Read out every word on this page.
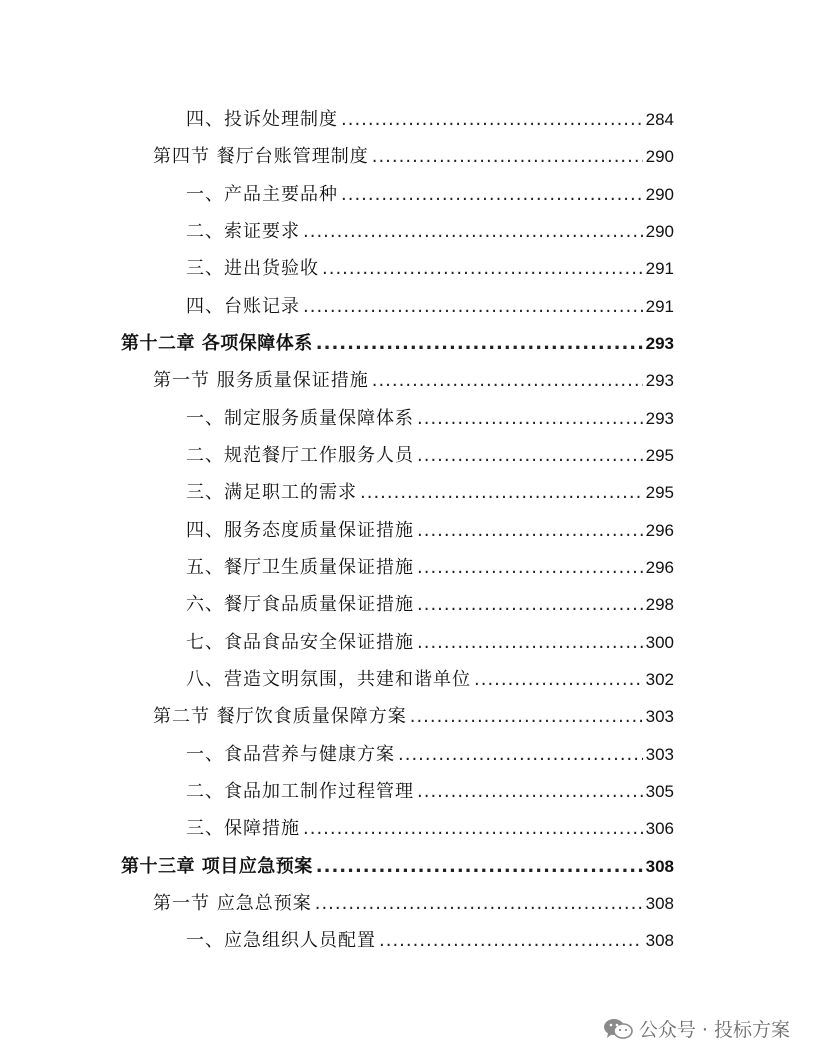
四、投诉处理制度 .....	284
第四节 餐厅台账管理制度 .....	290
一、产品主要品种 .....	290
二、索证要求 .....	290
三、进出货验收 .....	291
四、台账记录 .....	291
第十二章 各项保障体系 .....	293
第一节 服务质量保证措施 .....	293
一、制定服务质量保障体系 .....	293
二、规范餐厅工作服务人员 .....	295
三、满足职工的需求 .....	295
四、服务态度质量保证措施 .....	296
五、餐厅卫生质量保证措施 .....	296
六、餐厅食品质量保证措施 .....	298
七、食品食品安全保证措施 .....	300
八、营造文明氛围，共建和谐单位 .....	302
第二节 餐厅饮食质量保障方案 .....	303
一、食品营养与健康方案 .....	303
二、食品加工制作过程管理 .....	305
三、保障措施 .....	306
第十三章 项目应急预案 .....	308
第一节 应急总预案 .....	308
一、应急组织人员配置 .....	308
公众号 · 投标方案
